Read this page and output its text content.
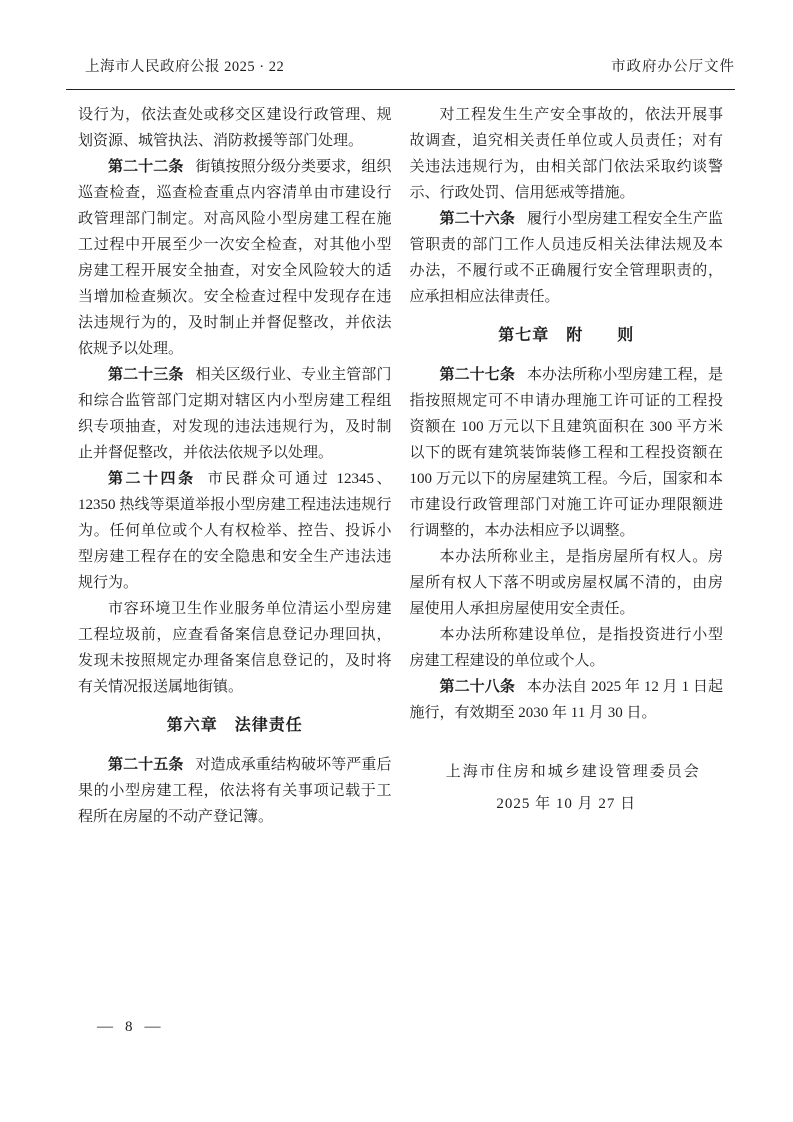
上海市人民政府公报 2025 · 22	市政府办公厅文件

设行为，依法查处或移交区建设行政管理、规划资源、城管执法、消防救援等部门处理。

第二十二条 街镇按照分级分类要求，组织巡查检查，巡查检查重点内容清单由市建设行政管理部门制定。对高风险小型房建工程在施工过程中开展至少一次安全检查，对其他小型房建工程开展安全抽查，对安全风险较大的适当增加检查频次。安全检查过程中发现存在违法违规行为的，及时制止并督促整改，并依法依规予以处理。

第二十三条 相关区级行业、专业主管部门和综合监管部门定期对辖区内小型房建工程组织专项抽查，对发现的违法违规行为，及时制止并督促整改，并依法依规予以处理。

第二十四条 市民群众可通过 12345、12350 热线等渠道举报小型房建工程违法违规行为。任何单位或个人有权检举、控告、投诉小型房建工程存在的安全隐患和安全生产违法违规行为。

市容环境卫生作业服务单位清运小型房建工程垃圾前，应查看备案信息登记办理回执，发现未按照规定办理备案信息登记的，及时将有关情况报送属地街镇。

第六章　法律责任

第二十五条 对造成承重结构破坏等严重后果的小型房建工程，依法将有关事项记载于工程所在房屋的不动产登记簿。

对工程发生生产安全事故的，依法开展事故调查，追究相关责任单位或人员责任；对有关违法违规行为，由相关部门依法采取约谈警示、行政处罚、信用惩戒等措施。

第二十六条 履行小型房建工程安全生产监管职责的部门工作人员违反相关法律法规及本办法，不履行或不正确履行安全管理职责的，应承担相应法律责任。

第七章　附　　则

第二十七条 本办法所称小型房建工程，是指按照规定可不申请办理施工许可证的工程投资额在 100 万元以下且建筑面积在 300 平方米以下的既有建筑装饰装修工程和工程投资额在 100 万元以下的房屋建筑工程。今后，国家和本市建设行政管理部门对施工许可证办理限额进行调整的，本办法相应予以调整。

本办法所称业主，是指房屋所有权人。房屋所有权人下落不明或房屋权属不清的，由房屋使用人承担房屋使用安全责任。

本办法所称建设单位，是指投资进行小型房建工程建设的单位或个人。

第二十八条 本办法自 2025 年 12 月 1 日起施行，有效期至 2030 年 11 月 30 日。

上海市住房和城乡建设管理委员会
2025 年 10 月 27 日
— 8 —
